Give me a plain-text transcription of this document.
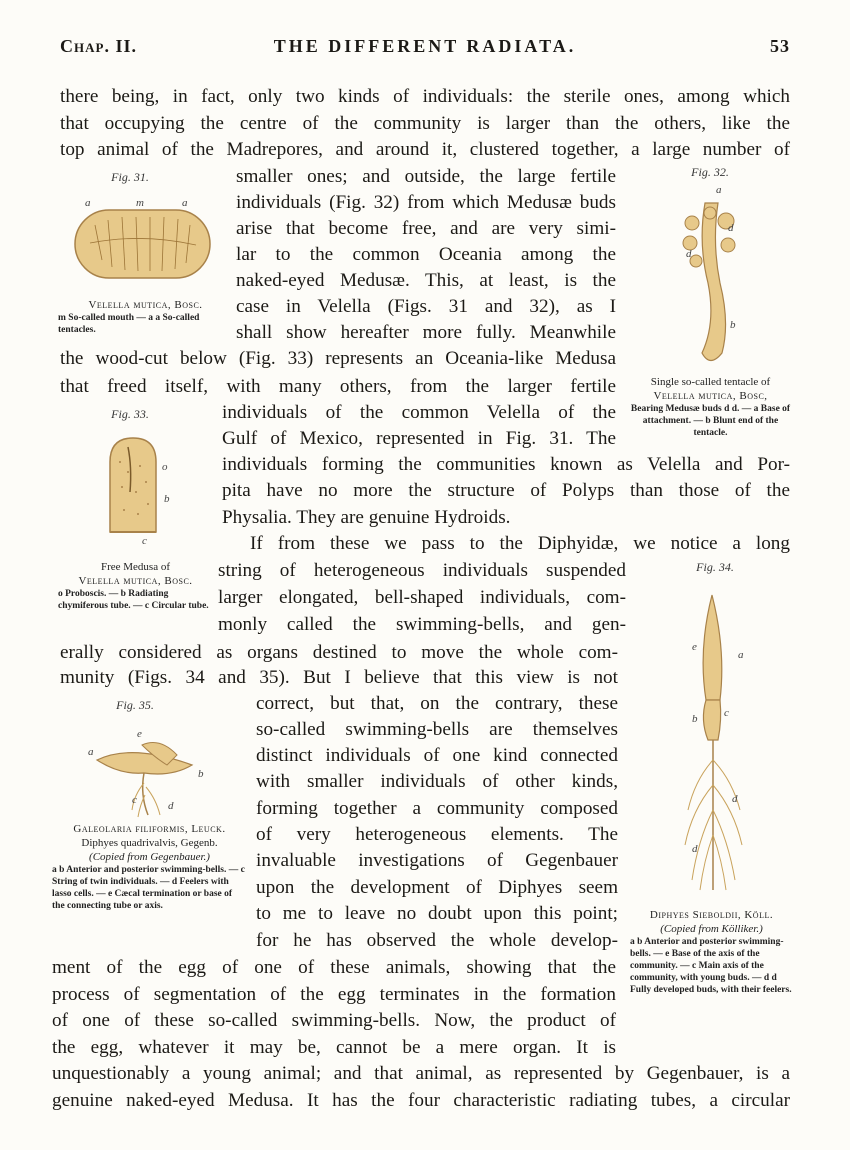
THE DIFFERENT RADIATA.
Chap. II.	53
there being, in fact, only two kinds of individuals: the sterile ones, among which
that occupying the centre of the community is larger than the others, like the
top animal of the Madrepores, and around it, clustered together, a large number of
smaller ones; and outside, the large fertile
individuals (Fig. 32) from which Medusæ buds
arise that become free, and are very simi-
lar to the common Oceania among the
naked-eyed Medusæ. This, at least, is the
case in Velella (Figs. 31 and 32), as I
shall show hereafter more fully. Meanwhile
the wood-cut below (Fig. 33) represents an Oceania-like Medusa
that freed itself, with many others, from the larger fertile
individuals of the common Velella of the
Gulf of Mexico, represented in Fig. 31. The
individuals forming the communities known as Velella and Por-
pita have no more the structure of Polyps than those of the
Physalia. They are genuine Hydroids.
If from these we pass to the Diphyidæ, we notice a long
string of heterogeneous individuals suspended
larger elongated, bell-shaped individuals, com-
monly called the swimming-bells, and gen-
erally considered as organs destined to move the whole com-
munity (Figs. 34 and 35). But I believe that this view is not
correct, but that, on the contrary, these
so-called swimming-bells are themselves
distinct individuals of one kind connected
with smaller individuals of other kinds,
forming together a community composed
of very heterogeneous elements. The
invaluable investigations of Gegenbauer
upon the development of Diphyes seem
to me to leave no doubt upon this point;
for he has observed the whole develop-
ment of the egg of one of these animals, showing that the
process of segmentation of the egg terminates in the formation
of one of these so-called swimming-bells. Now, the product of
the egg, whatever it may be, cannot be a mere organ. It is
unquestionably a young animal; and that animal, as represented by Gegenbauer, is a
genuine naked-eyed Medusa. It has the four characteristic radiating tubes, a circular
Fig. 31.
a	m	a
Velella mutica, Bosc.
m So-called mouth — a a So-called tentacles.
Fig. 32.
a
d
d
b
Single so-called tentacle of
Velella mutica, Bosc,
Bearing Medusæ buds d d. — a Base of attachment. — b Blunt end of the tentacle.
Fig. 33.
o
b
c
Free Medusa of
Velella mutica, Bosc.
o Proboscis. — b Radiating chymiferous tube. — c Circular tube.
Fig. 34.
e
a
b c
d
d
Diphyes Sieboldii, Köll.
(Copied from Kölliker.)
a b Anterior and posterior swimming-bells. — e Base of the axis of the community. — c Main axis of the community, with young buds. — d d Fully developed buds, with their feelers.
Fig. 35.
e
a
b
c	d
Galeolaria filiformis, Leuck.
Diphyes quadrivalvis, Gegenb.
(Copied from Gegenbauer.)
a b Anterior and posterior swimming-bells. — c String of twin individuals. — d Feelers with lasso cells. — e Cæcal termination or base of the connecting tube or axis.
